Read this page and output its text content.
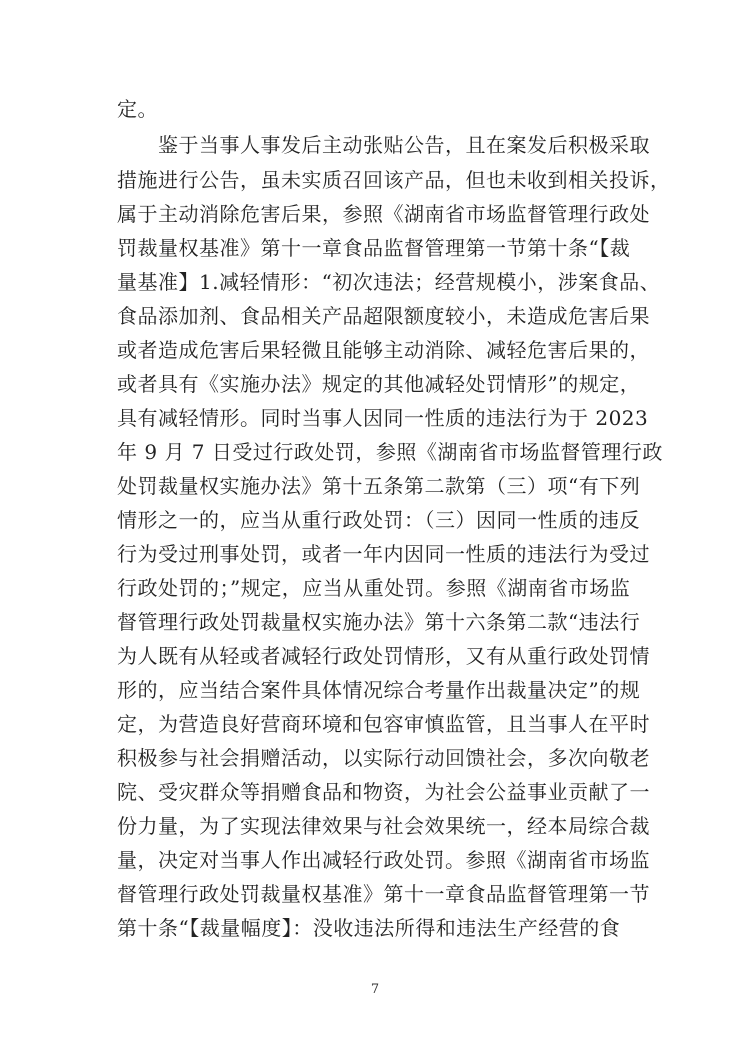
定。
　　鉴于当事人事发后主动张贴公告，且在案发后积极采取
措施进行公告，虽未实质召回该产品，但也未收到相关投诉，
属于主动消除危害后果，参照《湖南省市场监督管理行政处
罚裁量权基准》第十一章食品监督管理第一节第十条“【裁
量基准】1.减轻情形：“初次违法；经营规模小，涉案食品、
食品添加剂、食品相关产品超限额度较小，未造成危害后果
或者造成危害后果轻微且能够主动消除、减轻危害后果的，
或者具有《实施办法》规定的其他减轻处罚情形”的规定，
具有减轻情形。同时当事人因同一性质的违法行为于 2023
年 9 月 7 日受过行政处罚，参照《湖南省市场监督管理行政
处罚裁量权实施办法》第十五条第二款第（三）项“有下列
情形之一的，应当从重行政处罚：（三）因同一性质的违反
行为受过刑事处罚，或者一年内因同一性质的违法行为受过
行政处罚的；”规定，应当从重处罚。参照《湖南省市场监
督管理行政处罚裁量权实施办法》第十六条第二款“违法行
为人既有从轻或者减轻行政处罚情形，又有从重行政处罚情
形的，应当结合案件具体情况综合考量作出裁量决定”的规
定，为营造良好营商环境和包容审慎监管，且当事人在平时
积极参与社会捐赠活动，以实际行动回馈社会，多次向敬老
院、受灾群众等捐赠食品和物资，为社会公益事业贡献了一
份力量，为了实现法律效果与社会效果统一，经本局综合裁
量，决定对当事人作出减轻行政处罚。参照《湖南省市场监
督管理行政处罚裁量权基准》第十一章食品监督管理第一节
第十条“【裁量幅度】：没收违法所得和违法生产经营的食
7
